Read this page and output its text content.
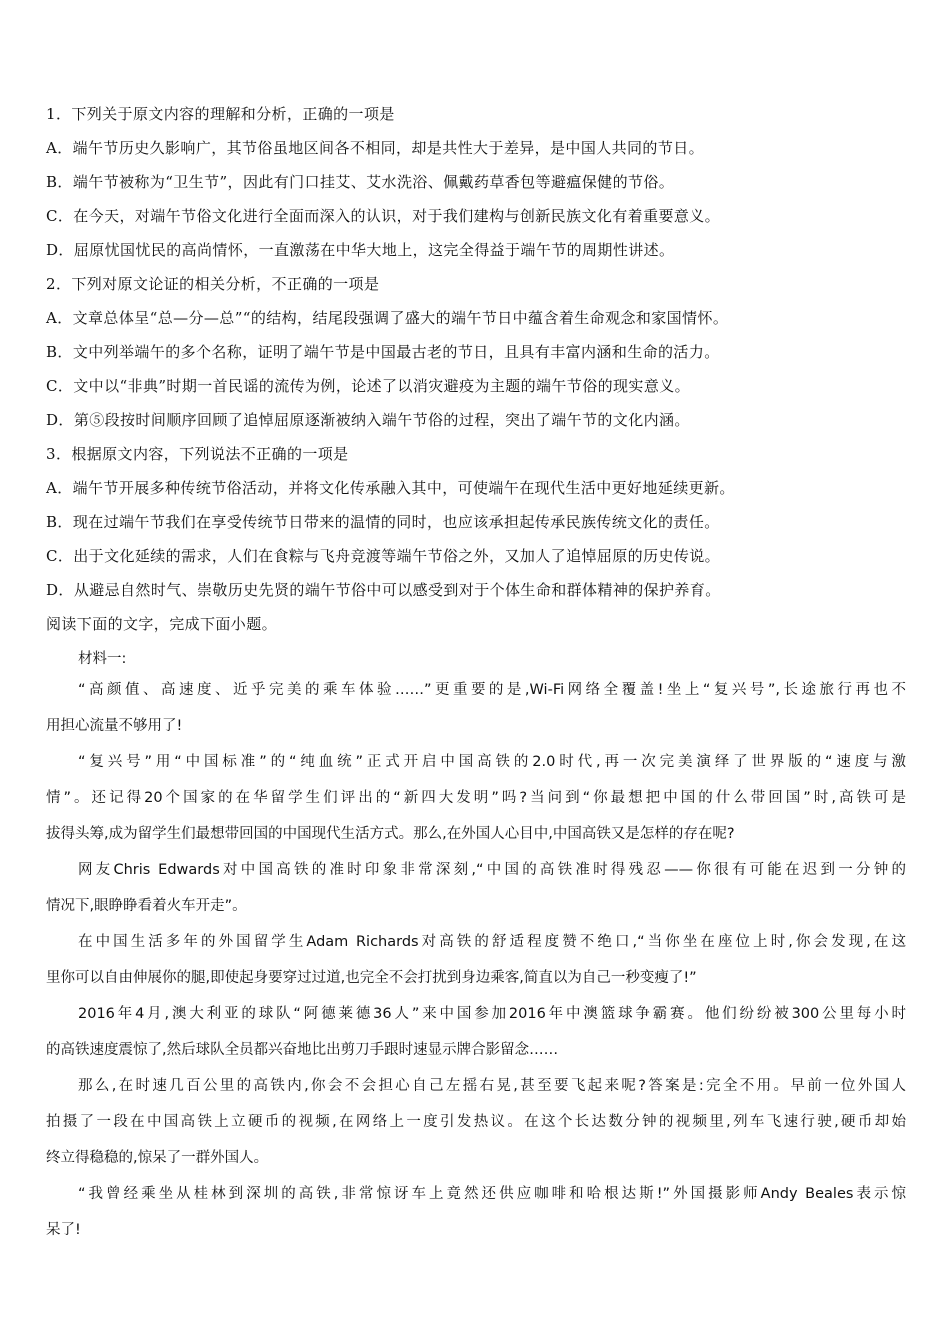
1．下列关于原文内容的理解和分析，正确的一项是
A．端午节历史久影响广，其节俗虽地区间各不相同，却是共性大于差异，是中国人共同的节日。
B．端午节被称为“卫生节”，因此有门口挂艾、艾水洗浴、佩戴药草香包等避瘟保健的节俗。
C．在今天，对端午节俗文化进行全面而深入的认识，对于我们建构与创新民族文化有着重要意义。
D．屈原忧国忧民的高尚情怀，一直激荡在中华大地上，这完全得益于端午节的周期性讲述。
2．下列对原文论证的相关分析，不正确的一项是
A．文章总体呈“总—分—总”“的结构，结尾段强调了盛大的端午节日中蕴含着生命观念和家国情怀。
B．文中列举端午的多个名称，证明了端午节是中国最古老的节日，且具有丰富内涵和生命的活力。
C．文中以“非典”时期一首民谣的流传为例，论述了以消灾避疫为主题的端午节俗的现实意义。
D．第⑤段按时间顺序回顾了追悼屈原逐渐被纳入端午节俗的过程，突出了端午节的文化内涵。
3．根据原文内容，下列说法不正确的一项是
A．端午节开展多种传统节俗活动，并将文化传承融入其中，可使端午在现代生活中更好地延续更新。
B．现在过端午节我们在享受传统节日带来的温情的同时，也应该承担起传承民族传统文化的责任。
C．出于文化延续的需求，人们在食粽与飞舟竞渡等端午节俗之外，又加人了追悼屈原的历史传说。
D．从避忌自然时气、崇敬历史先贤的端午节俗中可以感受到对于个体生命和群体精神的保护养育。
阅读下面的文字，完成下面小题。
材料一:
“高颜值、高速度、近乎完美的乘车体验……”更重要的是,Wi-Fi网络全覆盖!坐上“复兴号”,长途旅行再也不
用担心流量不够用了!
“复兴号”用“中国标准”的“纯血统”正式开启中国高铁的2.0时代,再一次完美演绎了世界版的“速度与激
情”。还记得20个国家的在华留学生们评出的“新四大发明”吗?当问到“你最想把中国的什么带回国”时,高铁可是
拔得头筹,成为留学生们最想带回国的中国现代生活方式。那么,在外国人心目中,中国高铁又是怎样的存在呢?
网友Chris Edwards对中国高铁的准时印象非常深刻,“中国的高铁准时得残忍——你很有可能在迟到一分钟的
情况下,眼睁睁看着火车开走”。
在中国生活多年的外国留学生Adam Richards对高铁的舒适程度赞不绝口,“当你坐在座位上时,你会发现,在这
里你可以自由伸展你的腿,即使起身要穿过过道,也完全不会打扰到身边乘客,简直以为自己一秒变瘦了!”
2016年4月,澳大利亚的球队“阿德莱德36人”来中国参加2016年中澳篮球争霸赛。他们纷纷被300公里每小时
的高铁速度震惊了,然后球队全员都兴奋地比出剪刀手跟时速显示牌合影留念……
那么,在时速几百公里的高铁内,你会不会担心自己左摇右晃,甚至要飞起来呢?答案是:完全不用。早前一位外国人
拍摄了一段在中国高铁上立硬币的视频,在网络上一度引发热议。在这个长达数分钟的视频里,列车飞速行驶,硬币却始
终立得稳稳的,惊呆了一群外国人。
“我曾经乘坐从桂林到深圳的高铁,非常惊讶车上竟然还供应咖啡和哈根达斯!”外国摄影师Andy Beales表示惊
呆了!
